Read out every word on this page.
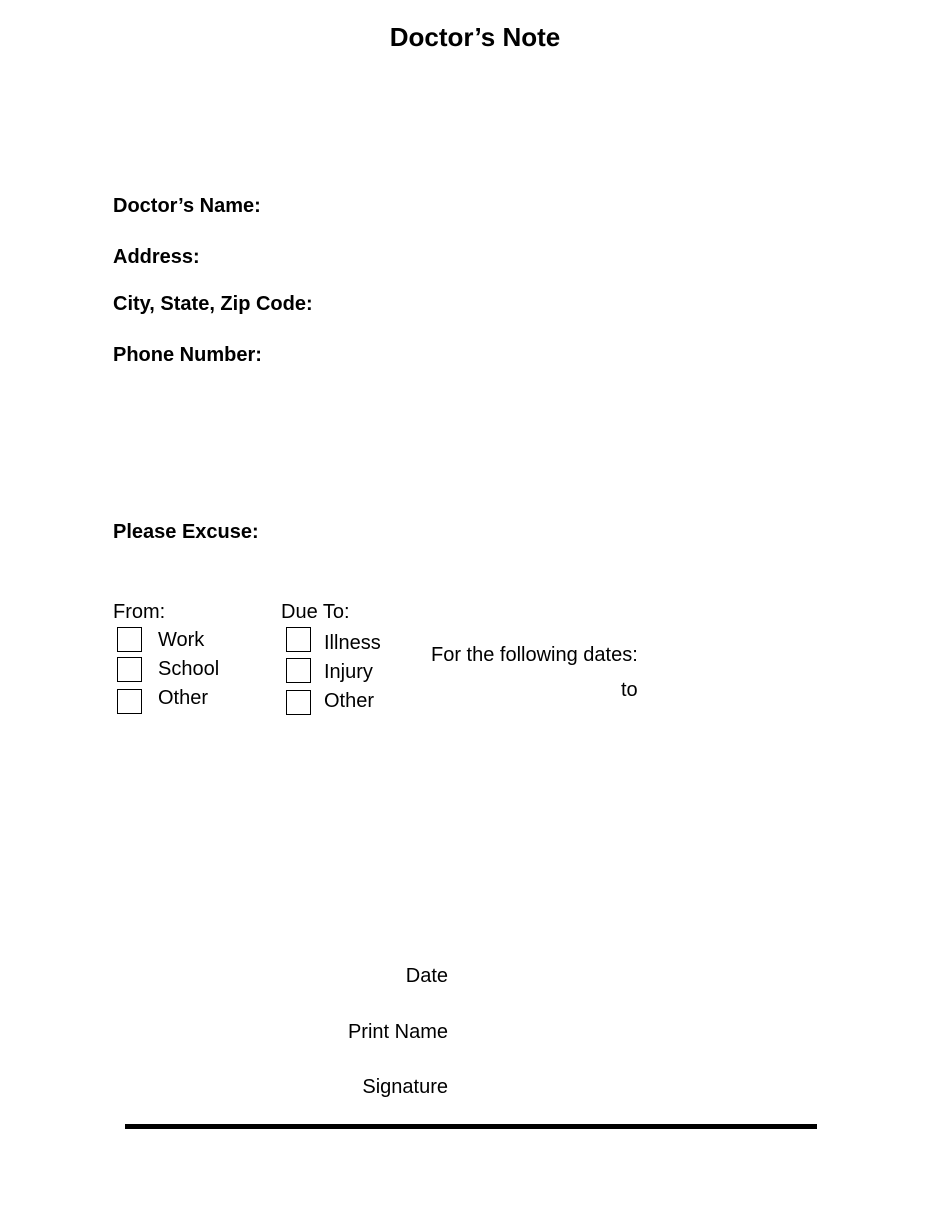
Doctor’s Note
Doctor’s Name:
Address:
City, State, Zip Code:
Phone Number:
Please Excuse:
From:
Work
School
Other
Due To:
Illness
Injury
Other
For the following dates:
to
Date
Print Name
Signature
